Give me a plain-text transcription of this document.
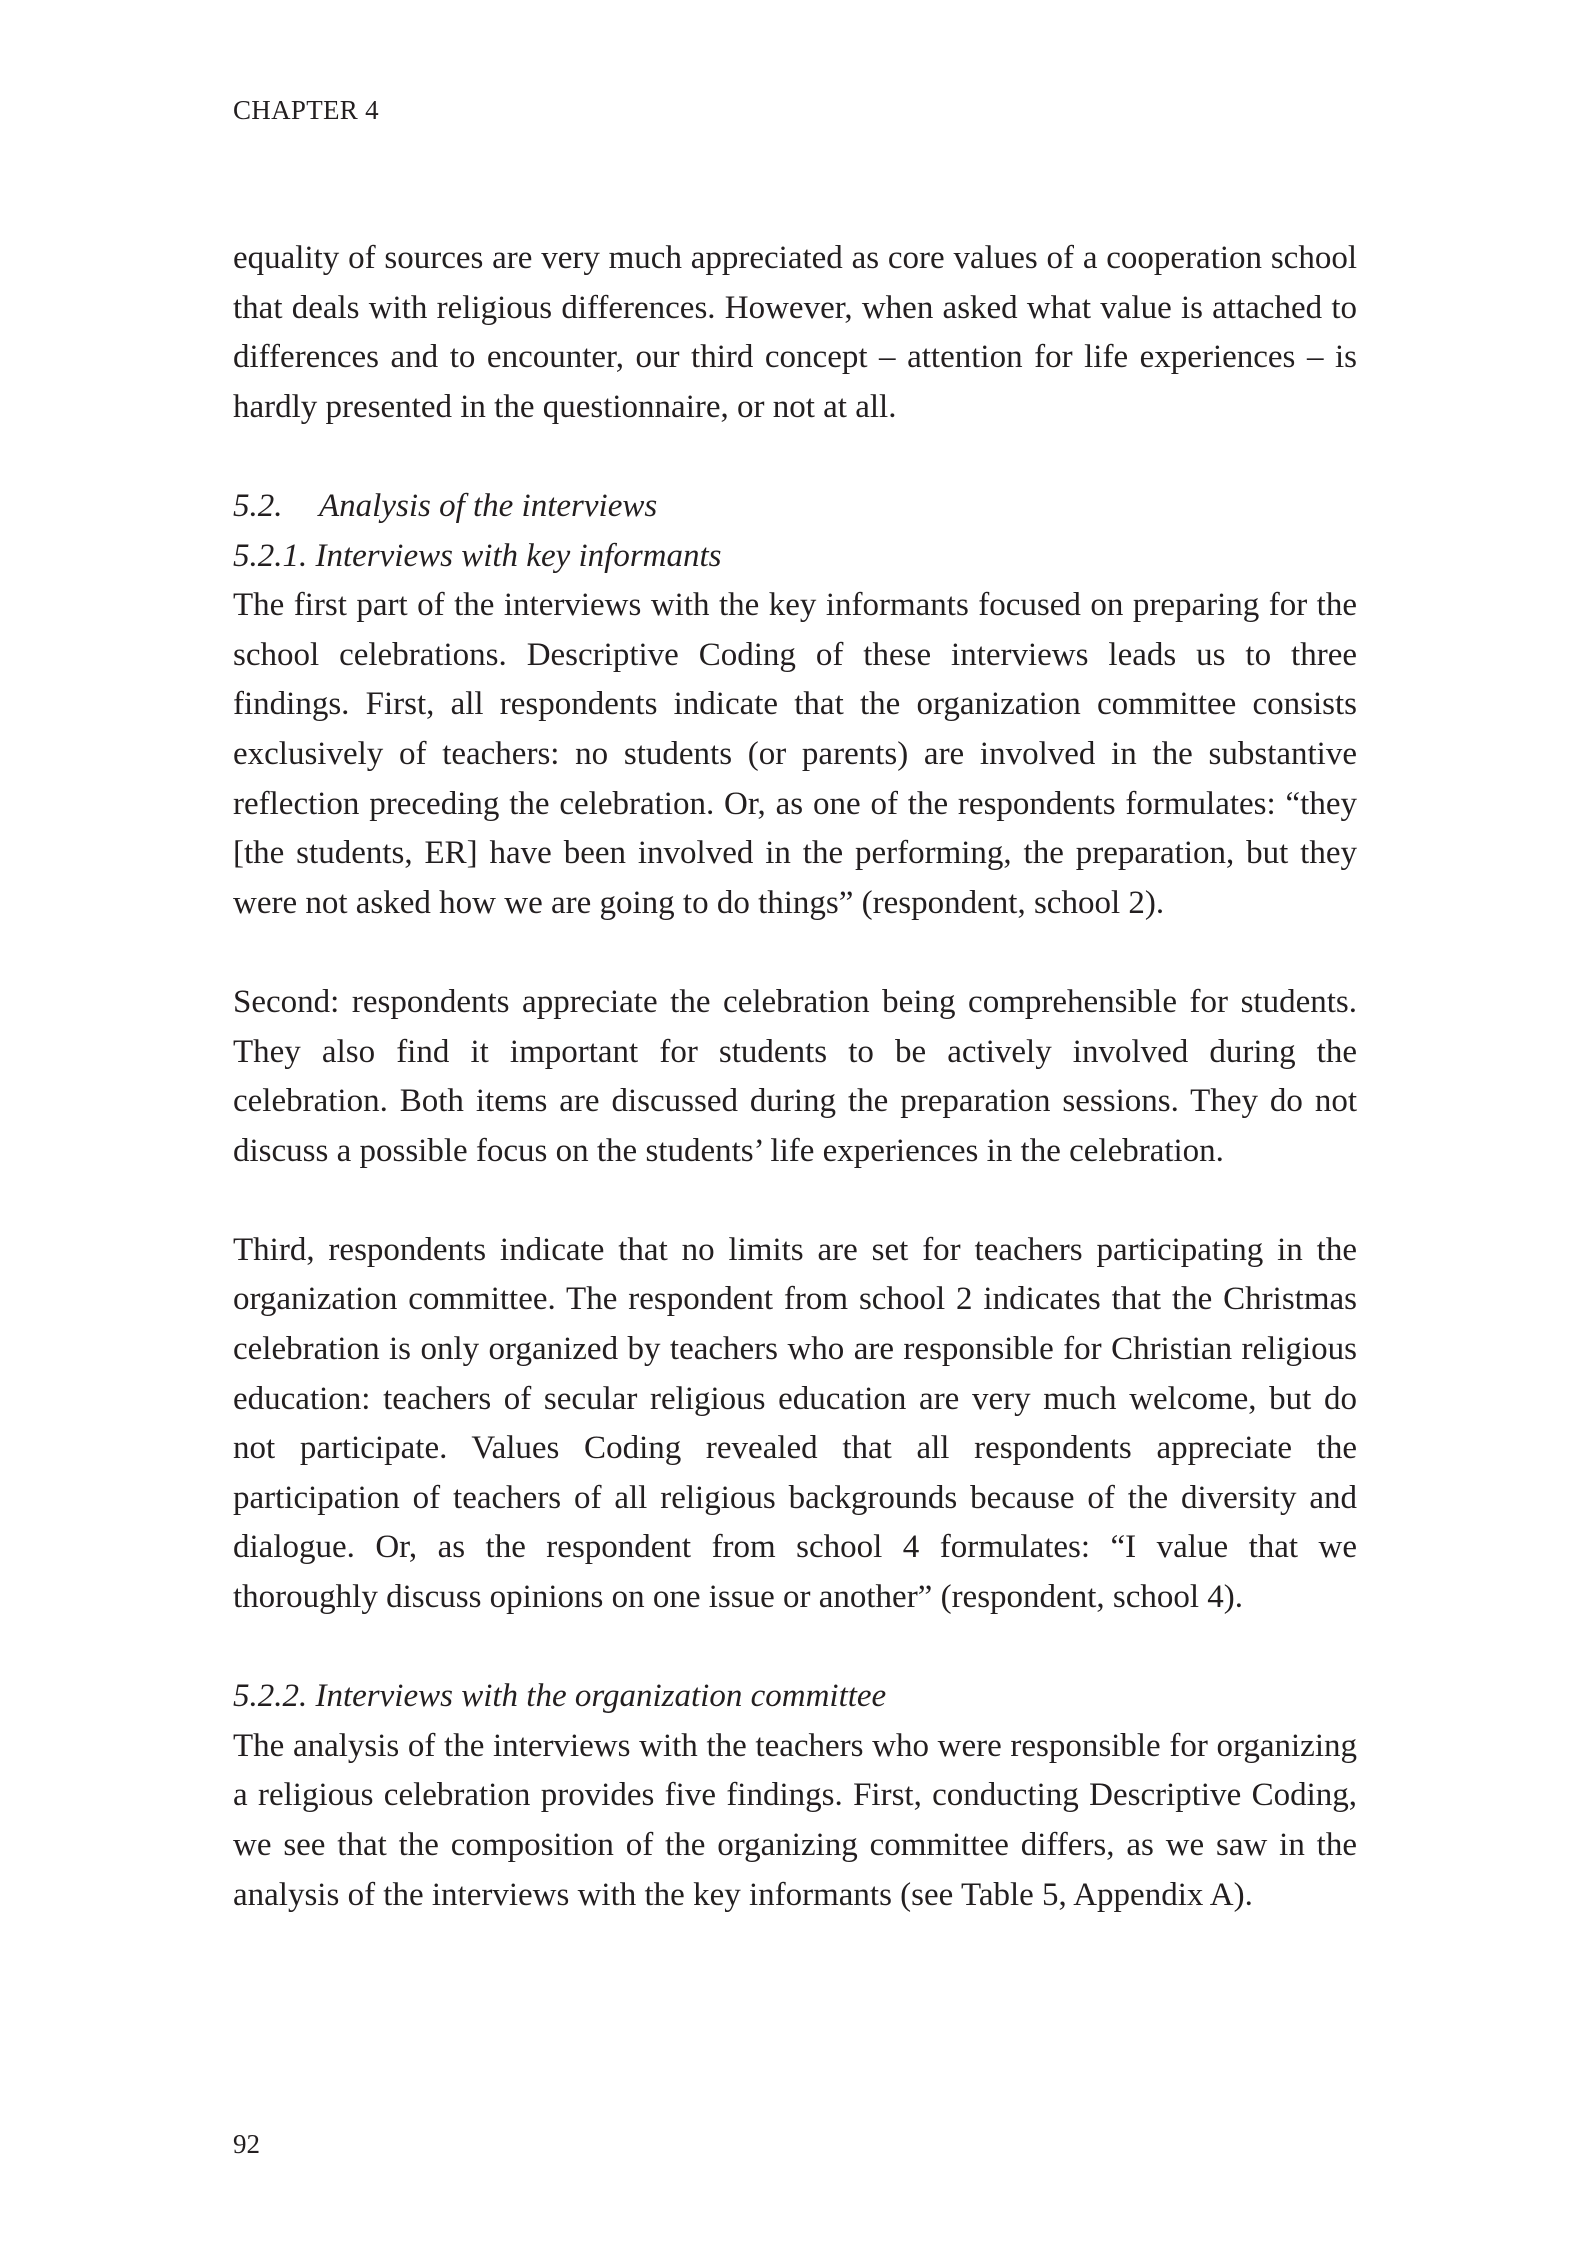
CHAPTER 4

equality of sources are very much appreciated as core values of a cooperation school that deals with religious differences. However, when asked what value is attached to differences and to encounter, our third concept – attention for life experiences – is hardly presented in the questionnaire, or not at all.

5.2. Analysis of the interviews
5.2.1. Interviews with key informants

The first part of the interviews with the key informants focused on preparing for the school celebrations. Descriptive Coding of these interviews leads us to three findings. First, all respondents indicate that the organization committee consists exclusively of teachers: no students (or parents) are involved in the substantive reflection preceding the celebration. Or, as one of the respondents formulates: “they [the students, ER] have been involved in the performing, the preparation, but they were not asked how we are going to do things” (respondent, school 2).

Second: respondents appreciate the celebration being comprehensible for students. They also find it important for students to be actively involved during the celebration. Both items are discussed during the preparation sessions. They do not discuss a possible focus on the students’ life experiences in the celebration.

Third, respondents indicate that no limits are set for teachers participating in the organization committee. The respondent from school 2 indicates that the Christmas celebration is only organized by teachers who are responsible for Christian religious education: teachers of secular religious education are very much welcome, but do not participate. Values Coding revealed that all respondents appreciate the participation of teachers of all religious backgrounds because of the diversity and dialogue. Or, as the respondent from school 4 formulates: “I value that we thoroughly discuss opinions on one issue or another” (respondent, school 4).

5.2.2. Interviews with the organization committee

The analysis of the interviews with the teachers who were responsible for organizing a religious celebration provides five findings. First, conducting Descriptive Coding, we see that the composition of the organizing committee differs, as we saw in the analysis of the interviews with the key informants (see Table 5, Appendix A).

92
